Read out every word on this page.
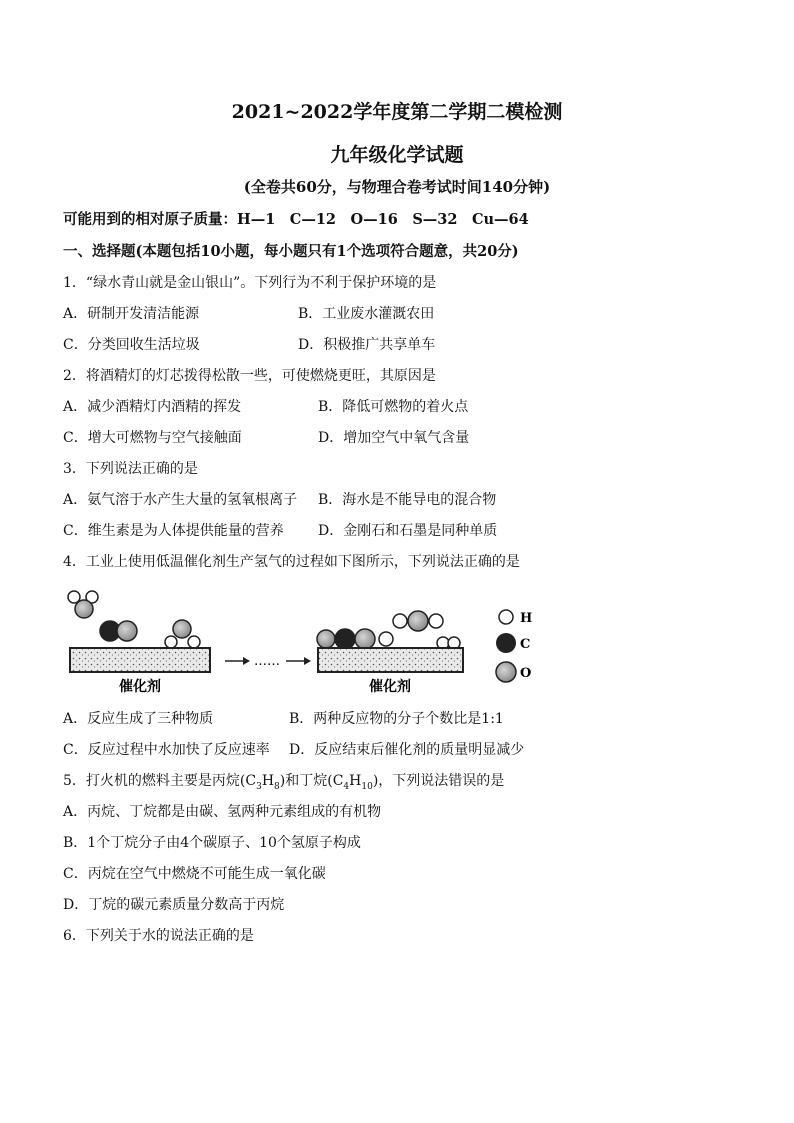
2021~2022学年度第二学期二模检测
九年级化学试题
(全卷共60分，与物理合卷考试时间140分钟)
可能用到的相对原子质量：H—1　C—12　O—16　S—32　Cu—64
一、选择题(本题包括10小题，每小题只有1个选项符合题意，共20分)
1．“绿水青山就是金山银山”。下列行为不利于保护环境的是
A．研制开发清洁能源	B．工业废水灌溉农田
C．分类回收生活垃圾	D．积极推广共享单车
2．将酒精灯的灯芯拨得松散一些，可使燃烧更旺，其原因是
A．减少酒精灯内酒精的挥发	B．降低可燃物的着火点
C．增大可燃物与空气接触面	D．增加空气中氧气含量
3．下列说法正确的是
A．氨气溶于水产生大量的氢氧根离子 B．海水是不能导电的混合物
C．维生素是为人体提供能量的营养 D．金刚石和石墨是同种单质
4．工业上使用低温催化剂生产氢气的过程如下图所示，下列说法正确的是
催化剂
……
催化剂
H
C
O
A．反应生成了三种物质	B．两种反应物的分子个数比是1:1
C．反应过程中水加快了反应速率 D．反应结束后催化剂的质量明显减少
5．打火机的燃料主要是丙烷$(C_3H_8)$和丁烷$(C_4H_{10})$，下列说法错误的是
A．丙烷、丁烷都是由碳、氢两种元素组成的有机物
B．1个丁烷分子由4个碳原子、10个氢原子构成
C．丙烷在空气中燃烧不可能生成一氧化碳
D．丁烷的碳元素质量分数高于丙烷
6．下列关于水的说法正确的是
